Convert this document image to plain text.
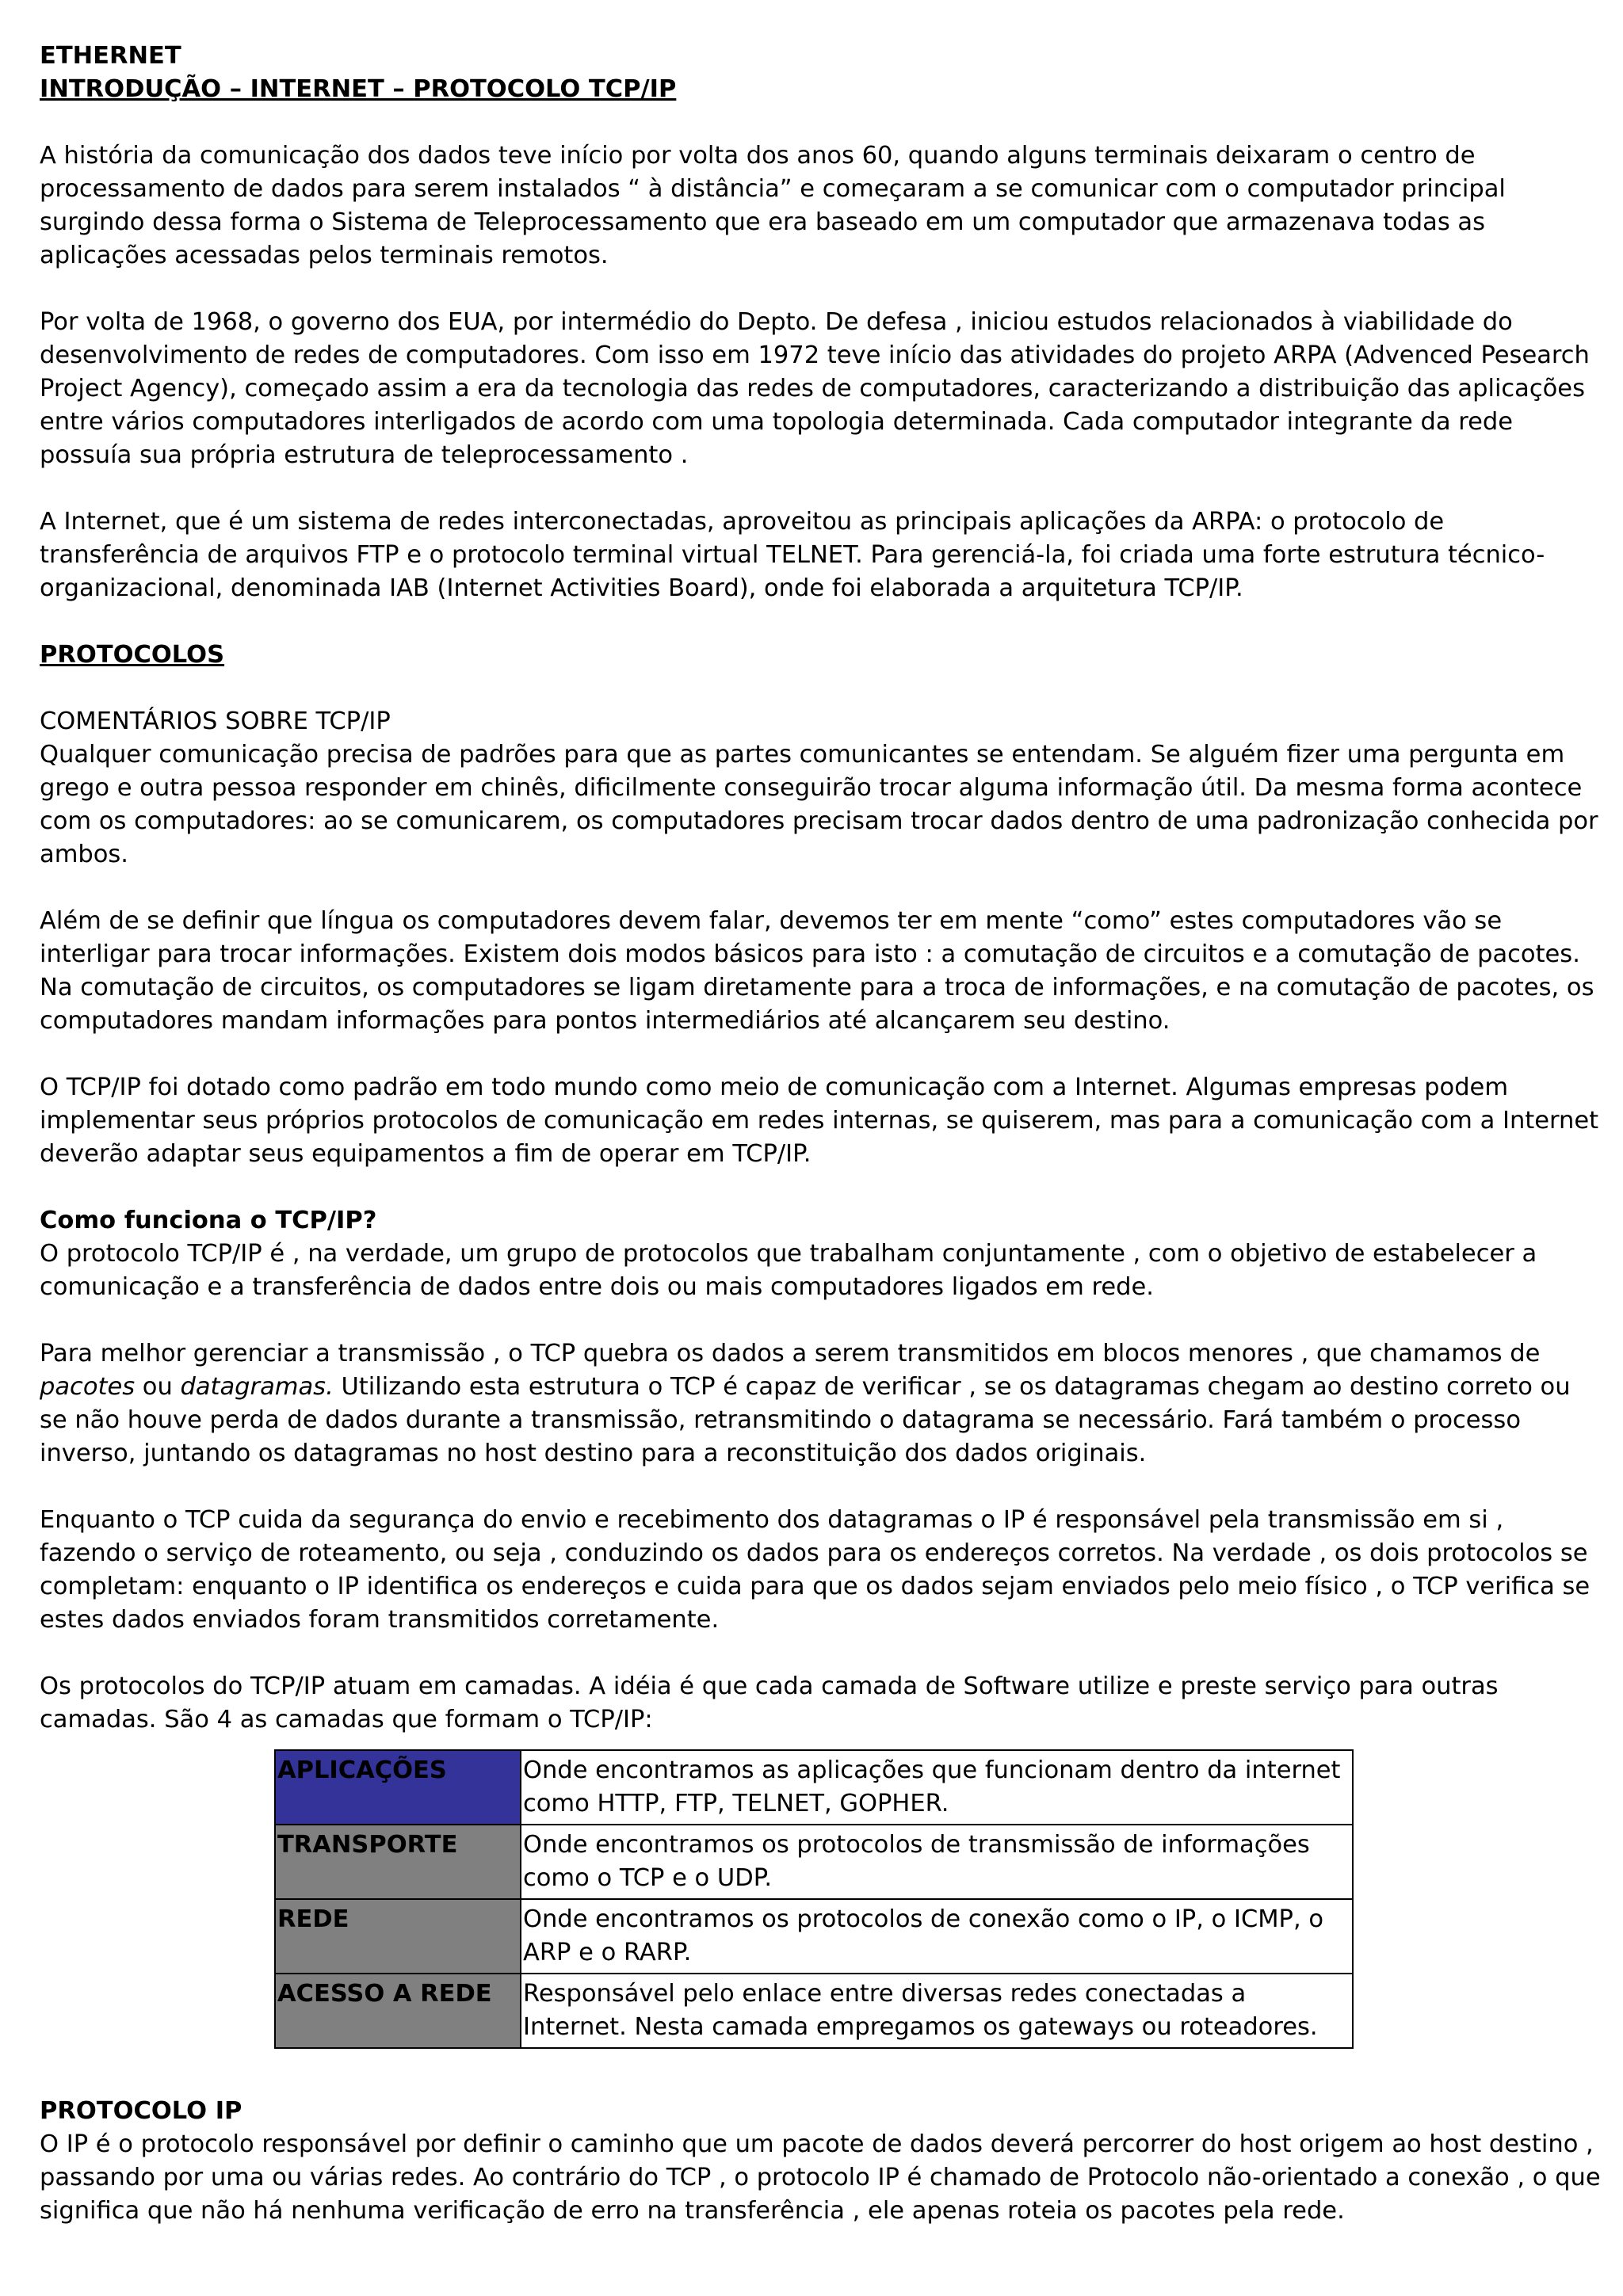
ETHERNET

INTRODUÇÃO – INTERNET – PROTOCOLO TCP/IP

A história da comunicação dos dados teve início por volta dos anos 60, quando alguns terminais deixaram o centro de processamento de dados para serem instalados “ à distância” e começaram a se comunicar com o computador principal surgindo dessa forma o Sistema de Teleprocessamento que era baseado em um computador que armazenava todas as aplicações acessadas pelos terminais remotos.

Por volta de 1968, o governo dos EUA, por intermédio do Depto. De defesa , iniciou estudos relacionados à viabilidade do desenvolvimento de redes de computadores. Com isso em 1972 teve início das atividades do projeto ARPA (Advenced Pesearch Project Agency), começado assim a era da tecnologia das redes de computadores, caracterizando a distribuição das aplicações entre vários computadores interligados de acordo com uma topologia determinada. Cada computador integrante da rede possuía sua própria estrutura de teleprocessamento .

A Internet, que é um sistema de redes interconectadas, aproveitou as principais aplicações da ARPA: o protocolo de transferência de arquivos FTP e o protocolo terminal virtual TELNET. Para gerenciá-la, foi criada uma forte estrutura técnico-organizacional, denominada IAB (Internet Activities Board), onde foi elaborada a arquitetura TCP/IP.

PROTOCOLOS

COMENTÁRIOS SOBRE TCP/IP

Qualquer comunicação precisa de padrões para que as partes comunicantes se entendam. Se alguém fizer uma pergunta em grego e outra pessoa responder em chinês, dificilmente conseguirão trocar alguma informação útil. Da mesma forma acontece com os computadores: ao se comunicarem, os computadores precisam trocar dados dentro de uma padronização conhecida por ambos.

Além de se definir que língua os computadores devem falar, devemos ter em mente “como” estes computadores vão se interligar para trocar informações. Existem dois modos básicos para isto : a comutação de circuitos e a comutação de pacotes. Na comutação de circuitos, os computadores se ligam diretamente para a troca de informações, e na comutação de pacotes, os computadores mandam informações para pontos intermediários até alcançarem seu destino.

O TCP/IP foi dotado como padrão em todo mundo como meio de comunicação com a Internet. Algumas empresas podem implementar seus próprios protocolos de comunicação em redes internas, se quiserem, mas para a comunicação com a Internet deverão adaptar seus equipamentos a fim de operar em TCP/IP.

Como funciona o TCP/IP?

O protocolo TCP/IP é , na verdade, um grupo de protocolos que trabalham conjuntamente , com o objetivo de estabelecer a comunicação e a transferência de dados entre dois ou mais computadores ligados em rede.

Para melhor gerenciar a transmissão , o TCP quebra os dados a serem transmitidos em blocos menores , que chamamos de pacotes ou datagramas. Utilizando esta estrutura o TCP é capaz de verificar , se os datagramas chegam ao destino correto ou se não houve perda de dados durante a transmissão, retransmitindo o datagrama se necessário. Fará também o processo inverso, juntando os datagramas no host destino para a reconstituição dos dados originais.

Enquanto o TCP cuida da segurança do envio e recebimento dos datagramas o IP é responsável pela transmissão em si , fazendo o serviço de roteamento, ou seja , conduzindo os dados para os endereços corretos. Na verdade , os dois protocolos se completam: enquanto o IP identifica os endereços e cuida para que os dados sejam enviados pelo meio físico , o TCP verifica se estes dados enviados foram transmitidos corretamente.

Os protocolos do TCP/IP atuam em camadas. A idéia é que cada camada de Software utilize e preste serviço para outras camadas. São 4 as camadas que formam o TCP/IP:

APLICAÇÕES	Onde encontramos as aplicações que funcionam dentro da internet como HTTP, FTP, TELNET, GOPHER.
TRANSPORTE	Onde encontramos os protocolos de transmissão de informações como o TCP e o UDP.
REDE	Onde encontramos os protocolos de conexão como o IP, o ICMP, o ARP e o RARP.
ACESSO A REDE	Responsável pelo enlace entre diversas redes conectadas a Internet. Nesta camada empregamos os gateways ou roteadores.

PROTOCOLO IP

O IP é o protocolo responsável por definir o caminho que um pacote de dados deverá percorrer do host origem ao host destino , passando por uma ou várias redes. Ao contrário do TCP , o protocolo IP é chamado de Protocolo não-orientado a conexão , o que significa que não há nenhuma verificação de erro na transferência , ele apenas roteia os pacotes pela rede.
